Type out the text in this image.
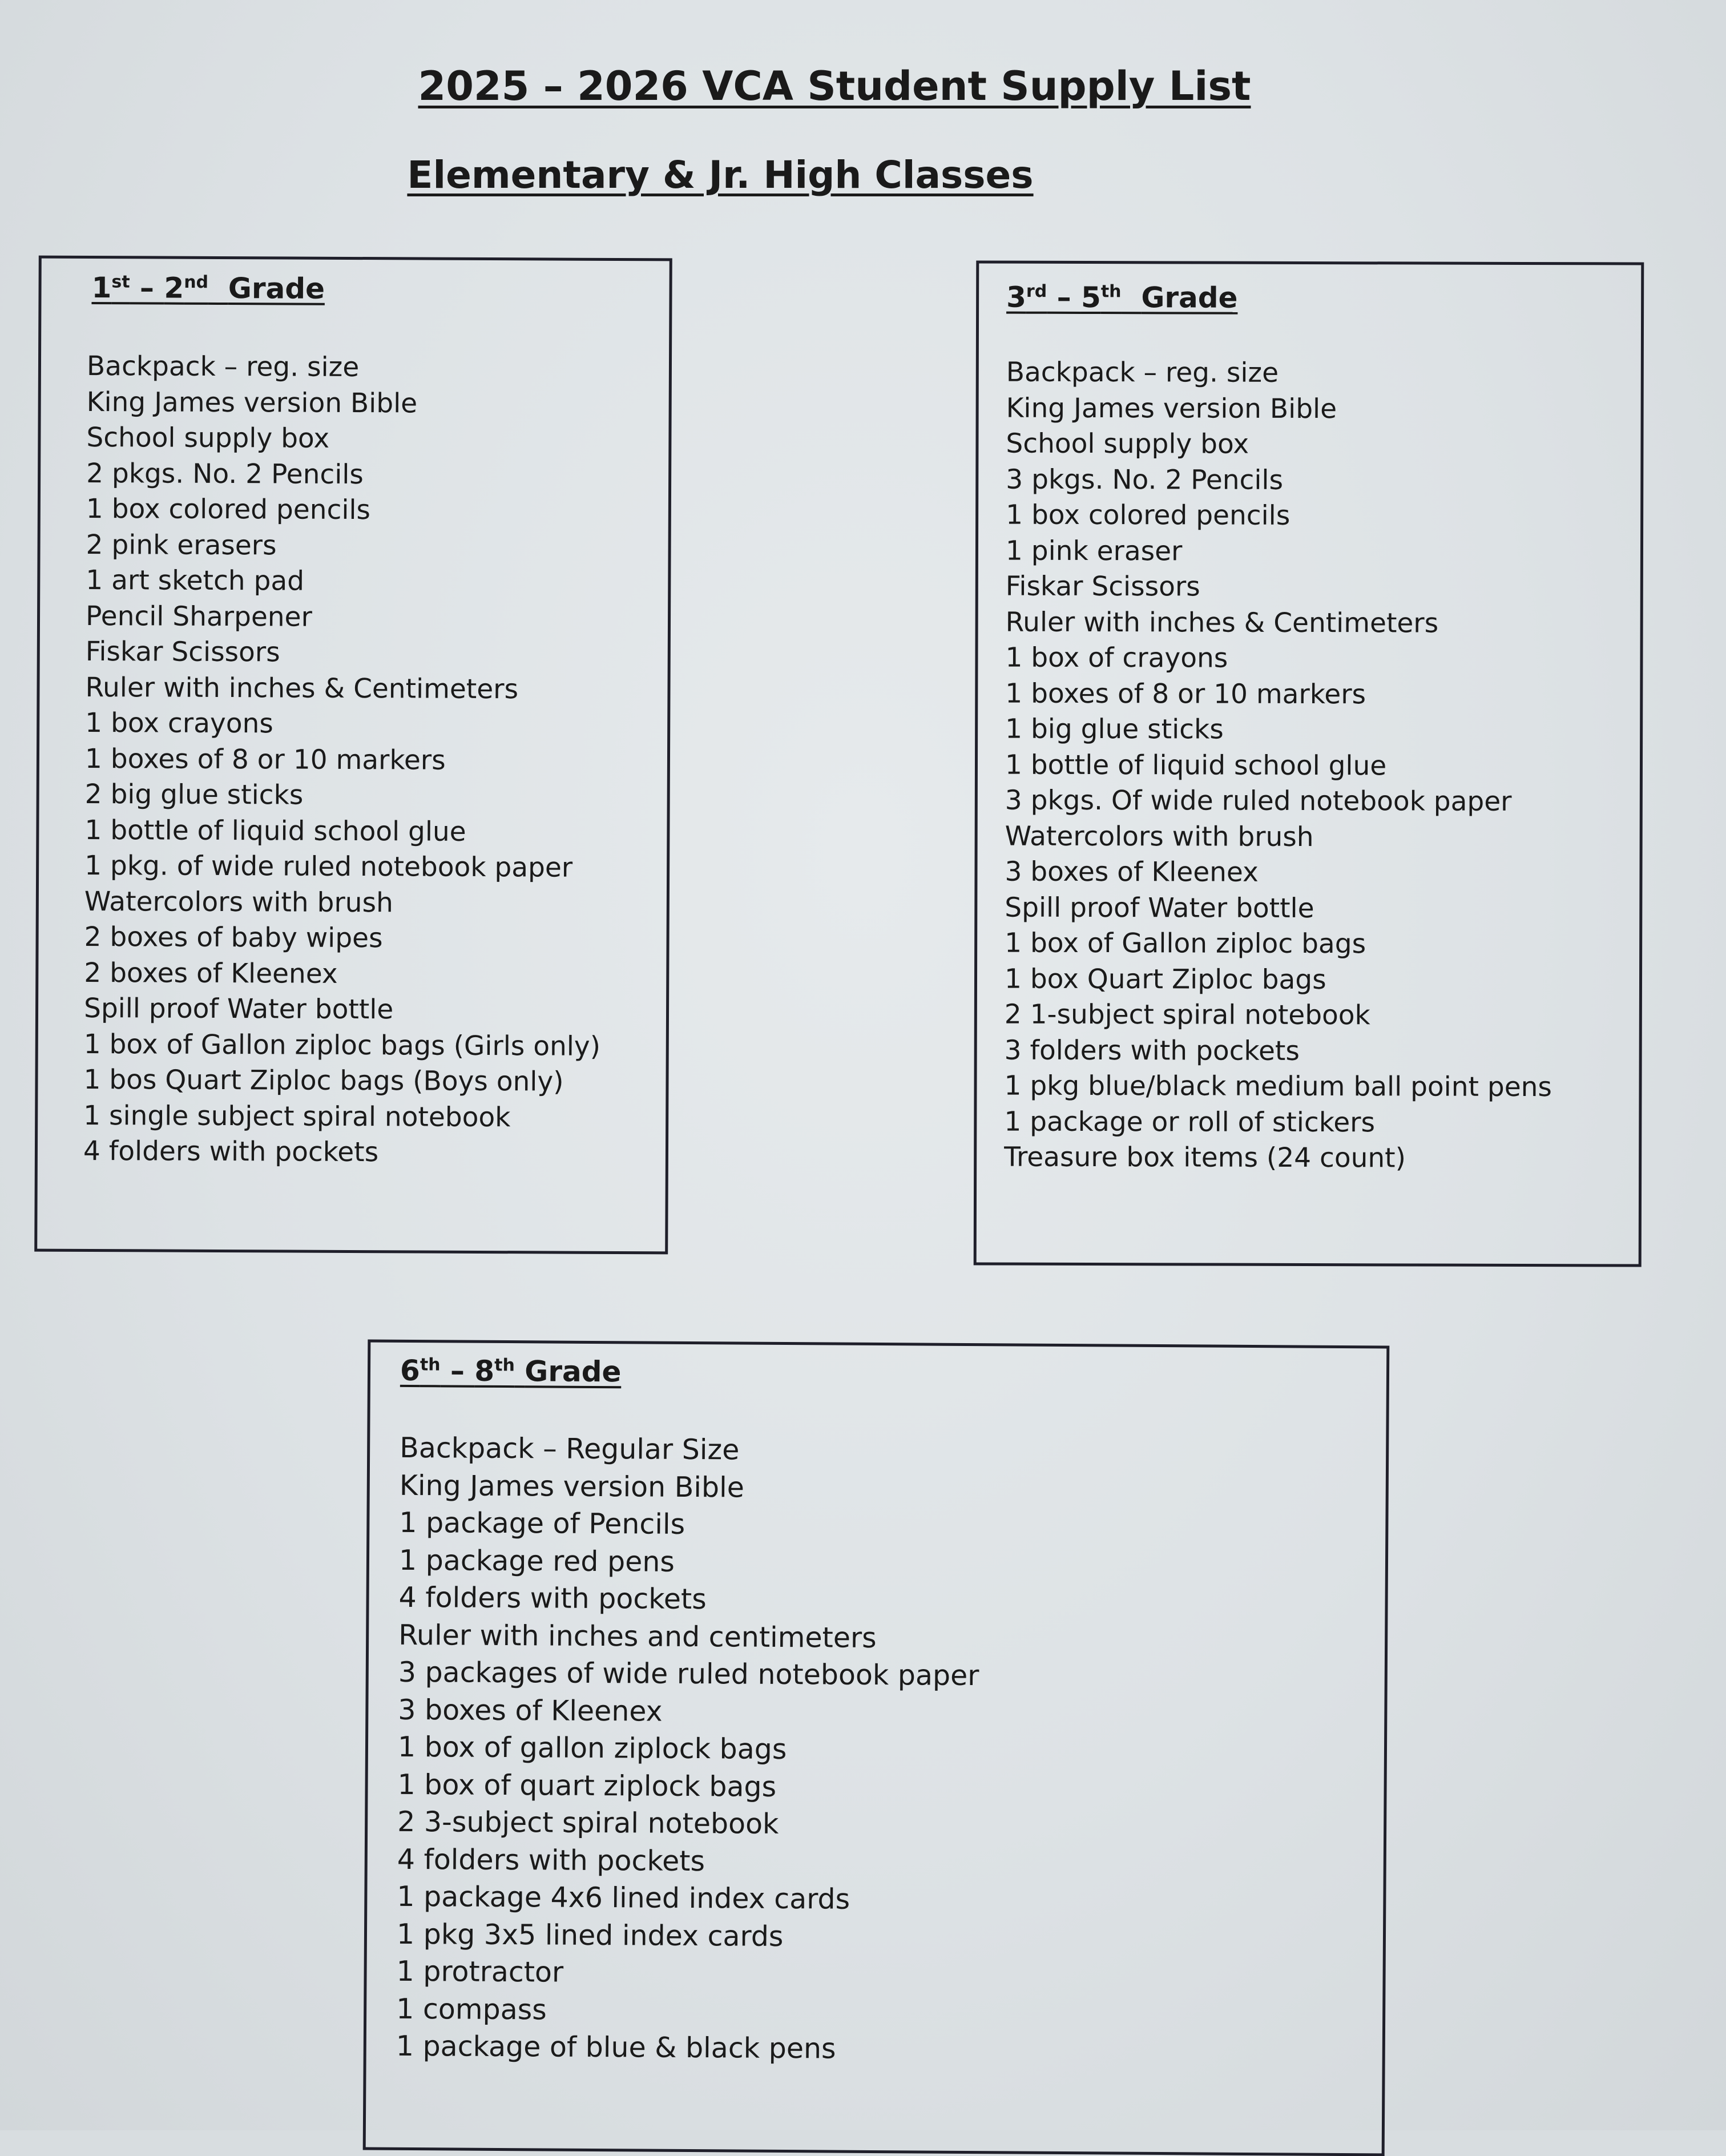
2025 – 2026 VCA Student Supply List
Elementary & Jr. High Classes
1st – 2nd Grade
Backpack – reg. size
King James version Bible
School supply box
2 pkgs. No. 2 Pencils
1 box colored pencils
2 pink erasers
1 art sketch pad
Pencil Sharpener
Fiskar Scissors
Ruler with inches & Centimeters
1 box crayons
1 boxes of 8 or 10 markers
2 big glue sticks
1 bottle of liquid school glue
1 pkg. of wide ruled notebook paper
Watercolors with brush
2 boxes of baby wipes
2 boxes of Kleenex
Spill proof Water bottle
1 box of Gallon ziploc bags (Girls only)
1 bos Quart Ziploc bags (Boys only)
1 single subject spiral notebook
4 folders with pockets
3rd – 5th Grade
Backpack – reg. size
King James version Bible
School supply box
3 pkgs. No. 2 Pencils
1 box colored pencils
1 pink eraser
Fiskar Scissors
Ruler with inches & Centimeters
1 box of crayons
1 boxes of 8 or 10 markers
1 big glue sticks
1 bottle of liquid school glue
3 pkgs. Of wide ruled notebook paper
Watercolors with brush
3 boxes of Kleenex
Spill proof Water bottle
1 box of Gallon ziploc bags
1 box Quart Ziploc bags
2 1-subject spiral notebook
3 folders with pockets
1 pkg blue/black medium ball point pens
1 package or roll of stickers
Treasure box items (24 count)
6th – 8th Grade
Backpack – Regular Size
King James version Bible
1 package of Pencils
1 package red pens
4 folders with pockets
Ruler with inches and centimeters
3 packages of wide ruled notebook paper
3 boxes of Kleenex
1 box of gallon ziplock bags
1 box of quart ziplock bags
2 3-subject spiral notebook
4 folders with pockets
1 package 4x6 lined index cards
1 pkg 3x5 lined index cards
1 protractor
1 compass
1 package of blue & black pens
